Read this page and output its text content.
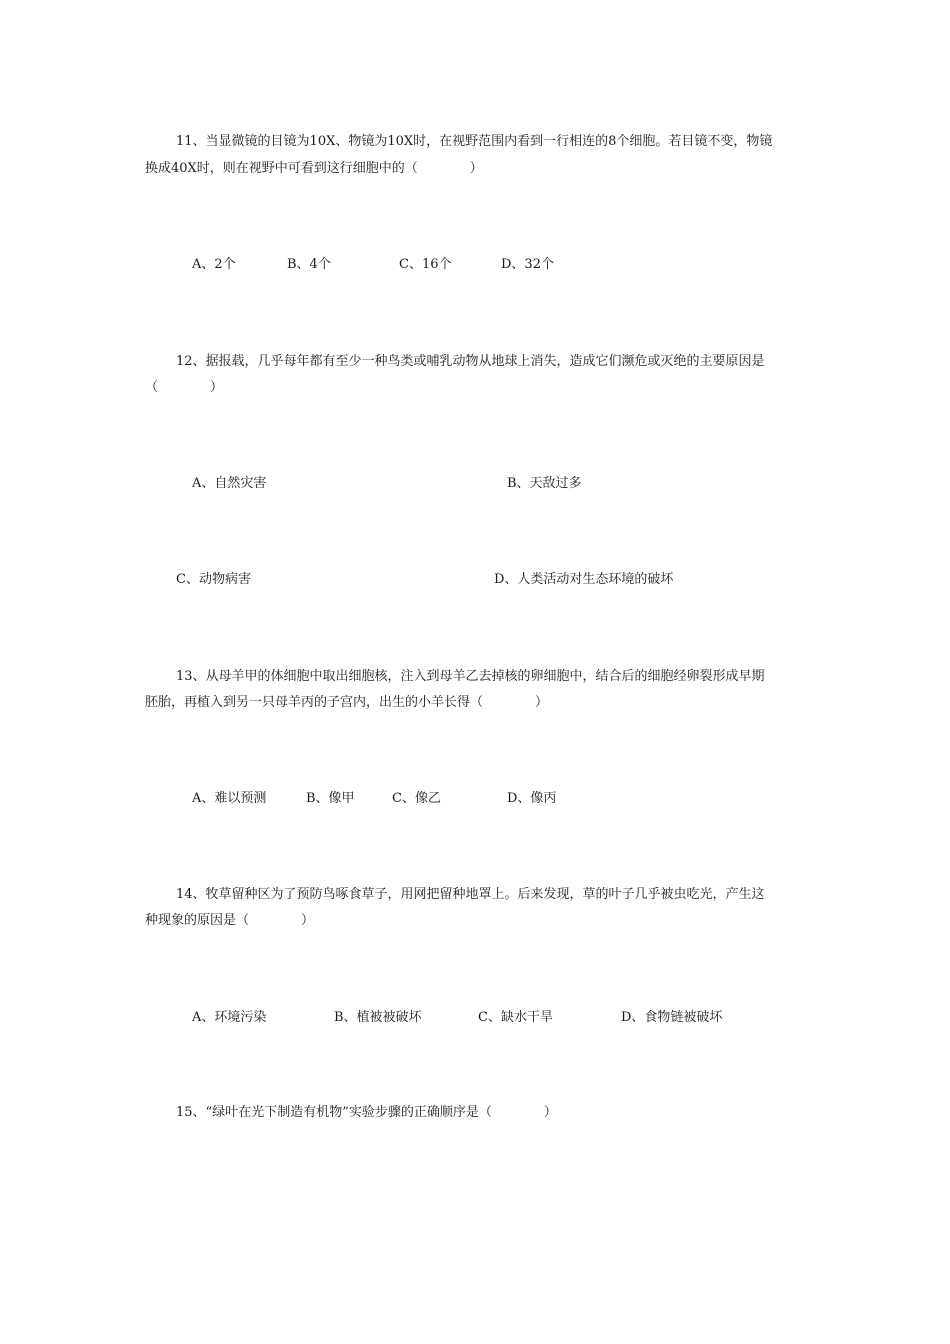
11、当显微镜的目镜为10X、物镜为10X时，在视野范围内看到一行相连的8个细胞。若目镜不变，物镜
换成40X时，则在视野中可看到这行细胞中的（　　　　）
A、2个	B、4个	C、16个	D、32个
12、据报载，几乎每年都有至少一种鸟类或哺乳动物从地球上消失，造成它们濒危或灭绝的主要原因是
（　　　　）
A、自然灾害	B、天敌过多
C、动物病害	D、人类活动对生态环境的破坏
13、从母羊甲的体细胞中取出细胞核，注入到母羊乙去掉核的卵细胞中，结合后的细胞经卵裂形成早期
胚胎，再植入到另一只母羊丙的子宫内，出生的小羊长得（　　　　）
A、难以预测	B、像甲	C、像乙	D、像丙
14、牧草留种区为了预防鸟啄食草子，用网把留种地罩上。后来发现，草的叶子几乎被虫吃光，产生这
种现象的原因是（　　　　）
A、环境污染	B、植被被破坏	C、缺水干旱	D、食物链被破坏
15、“绿叶在光下制造有机物”实验步骤的正确顺序是（　　　　）
